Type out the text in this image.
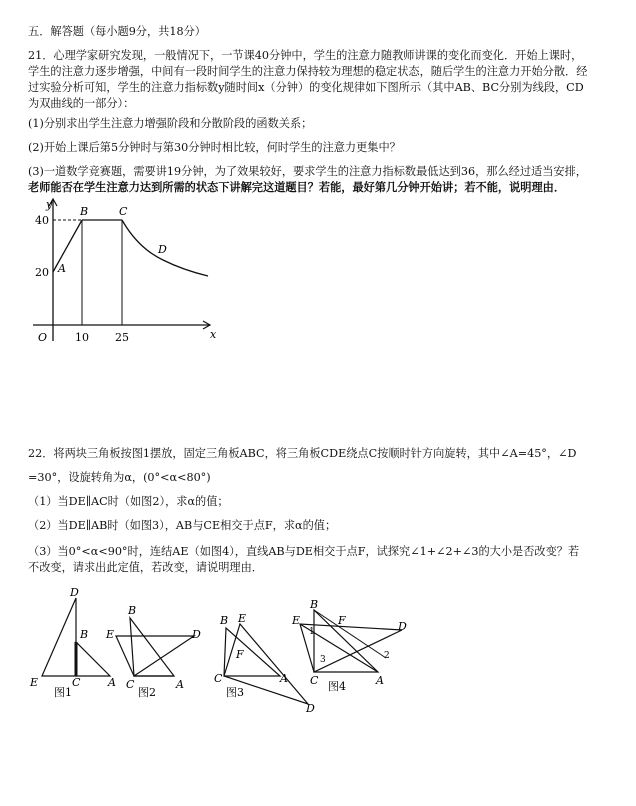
五．解答题（每小题9分，共18分）
21．心理学家研究发现，一般情况下，一节课40分钟中，学生的注意力随教师讲课的变化而变化．开始上课时，
学生的注意力逐步增强，中间有一段时间学生的注意力保持较为理想的稳定状态，随后学生的注意力开始分散．经
过实验分析可知，学生的注意力指标数y随时间x（分钟）的变化规律如下图所示（其中AB、BC分别为线段，CD
为双曲线的一部分）：
(1)分别求出学生注意力增强阶段和分散阶段的函数关系；
(2)开始上课后第5分钟时与第30分钟时相比较，何时学生的注意力更集中？
(3)一道数学竞赛题，需要讲19分钟，为了效果较好，要求学生的注意力指标数最低达到36，那么经过适当安排，
老师能否在学生注意力达到所需的状态下讲解完这道题目？若能，最好第几分钟开始讲；若不能，说明理由．
y
x
O
40
20
10 25
A
B	C
D
22．将两块三角板按图1摆放，固定三角板ABC，将三角板CDE绕点C按顺时针方向旋转，其中∠A=45°，∠D
=30°，设旋转角为α，(0°<α<80°)
（1）当DE∥AC时（如图2），求α的值；
（2）当DE∥AB时（如图3），AB与CE相交于点F，求α的值；
（3）当0°<α<90°时，连结AE（如图4），直线AB与DE相交于点F，试探究∠1+∠2+∠3的大小是否改变？若
不改变，请求出此定值，若改变，请说明理由．
D
B
E	C	A
图1
B
E	D
C	A
图2
B E
F
C	A
D
图3
B
E	F	D
1
2
3
C	A
图4
